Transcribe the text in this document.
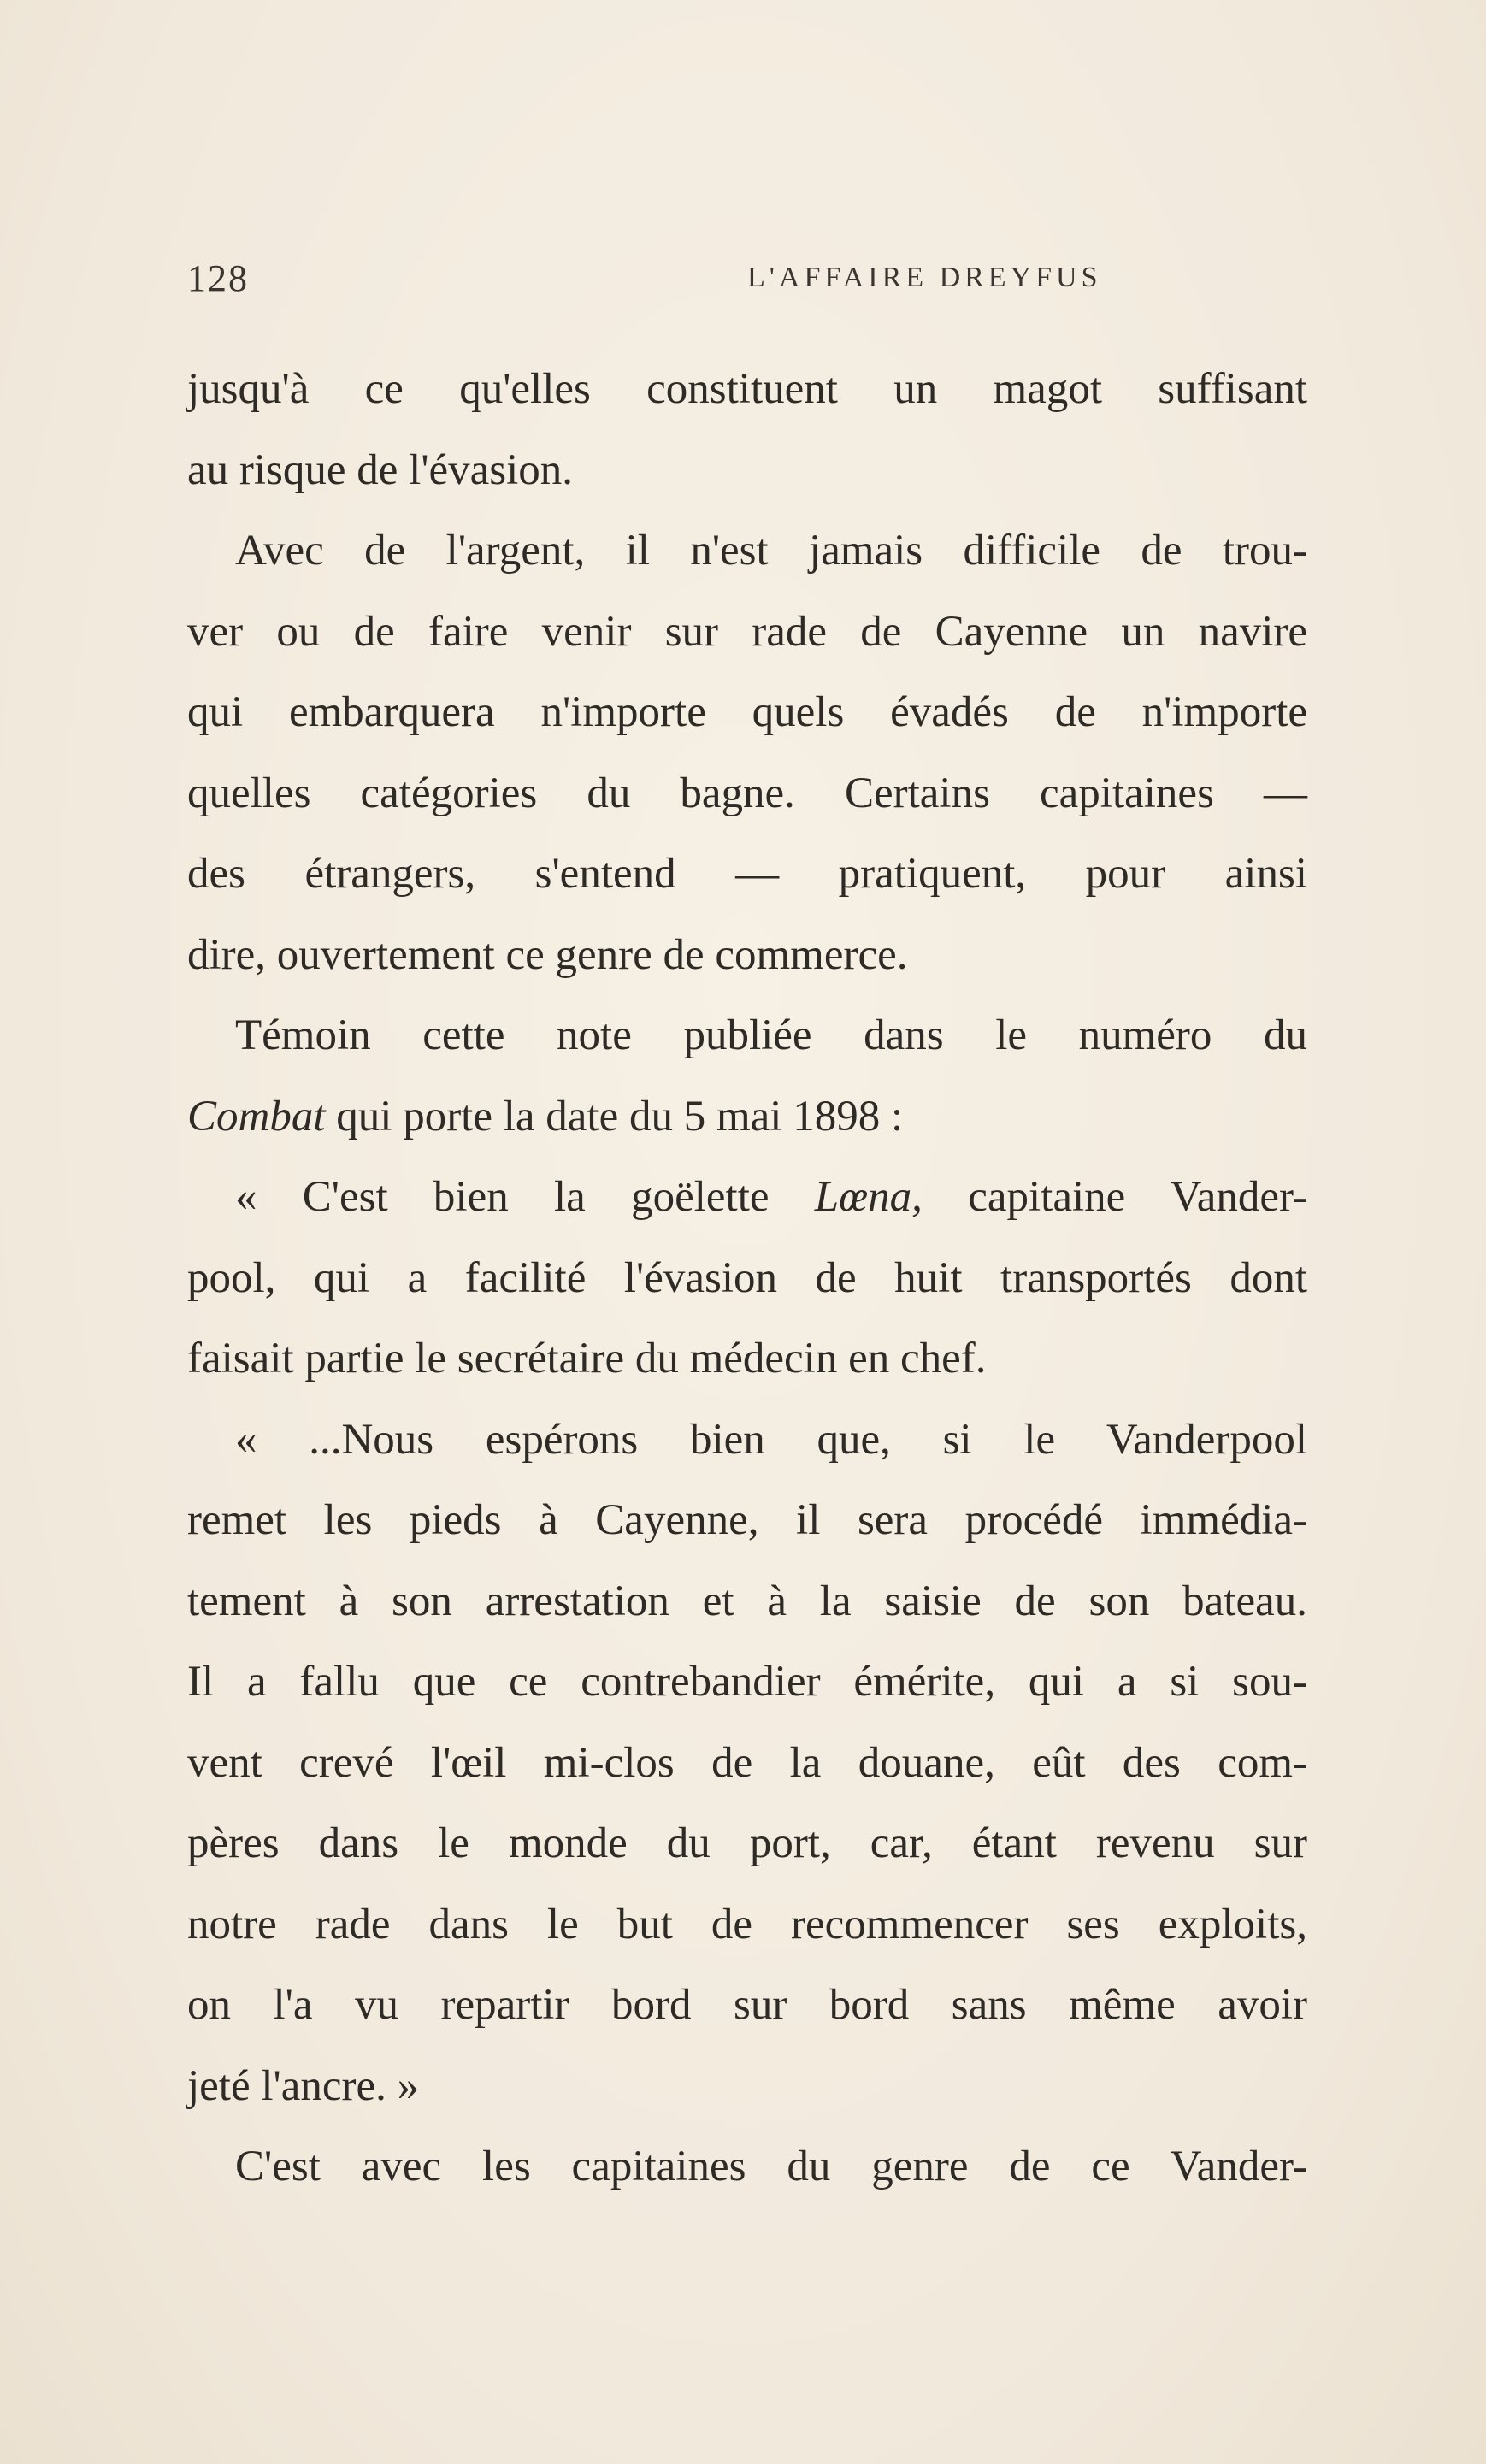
128	L'AFFAIRE DREYFUS
jusqu'à ce qu'elles constituent un magot suffisant
au risque de l'évasion.
Avec de l'argent, il n'est jamais difficile de trou-
ver ou de faire venir sur rade de Cayenne un navire
qui embarquera n'importe quels évadés de n'importe
quelles catégories du bagne. Certains capitaines —
des étrangers, s'entend — pratiquent, pour ainsi
dire, ouvertement ce genre de commerce.
Témoin cette note publiée dans le numéro du
Combat qui porte la date du 5 mai 1898 :
« C'est bien la goëlette Lœna, capitaine Vander-
pool, qui a facilité l'évasion de huit transportés dont
faisait partie le secrétaire du médecin en chef.
« ...Nous espérons bien que, si le Vanderpool
remet les pieds à Cayenne, il sera procédé immédia-
tement à son arrestation et à la saisie de son bateau.
Il a fallu que ce contrebandier émérite, qui a si sou-
vent crevé l'œil mi-clos de la douane, eût des com-
pères dans le monde du port, car, étant revenu sur
notre rade dans le but de recommencer ses exploits,
on l'a vu repartir bord sur bord sans même avoir
jeté l'ancre. »
C'est avec les capitaines du genre de ce Vander-
